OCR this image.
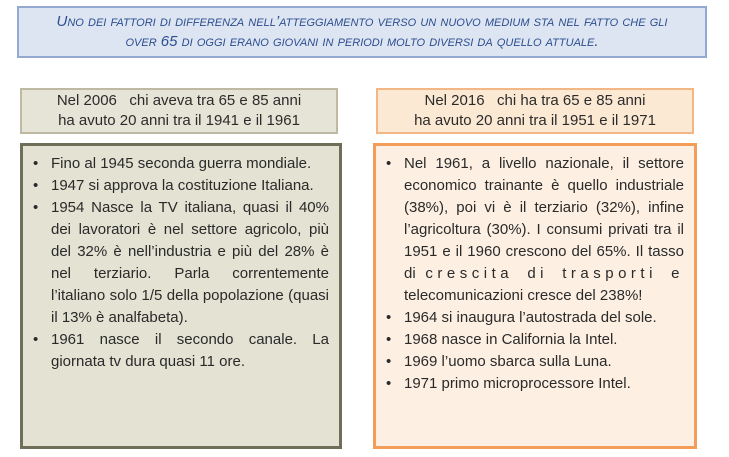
Uno dei fattori di differenza nell’atteggiamento verso un nuovo medium sta nel fatto che gli
over 65 di oggi erano giovani in periodi molto diversi da quello attuale.
Nel 2006   chi aveva tra 65 e 85 anni
ha avuto 20 anni tra il 1941 e il 1961
Nel 2016   chi ha tra 65 e 85 anni
ha avuto 20 anni tra il 1951 e il 1971
• Fino al 1945 seconda guerra mondiale.
• 1947 si approva la costituzione Italiana.
• 1954 Nasce la TV italiana, quasi il 40% dei lavoratori è nel settore agricolo, più del 32% è nell’industria e più del 28% è nel terziario. Parla correntemente l’italiano solo 1/5 della popolazione (quasi il 13% è analfabeta).
• 1961 nasce il secondo canale. La giornata tv dura quasi 11 ore.
• Nel 1961, a livello nazionale, il settore economico trainante è quello industriale (38%), poi vi è il terziario (32%), infine l’agricoltura (30%). I consumi privati tra il 1951 e il 1960 crescono del 65%. Il tasso di crescita di trasporti e telecomunicazioni cresce del 238%!
• 1964 si inaugura l’autostrada del sole.
• 1968 nasce in California la Intel.
• 1969 l’uomo sbarca sulla Luna.
• 1971 primo microprocessore Intel.
